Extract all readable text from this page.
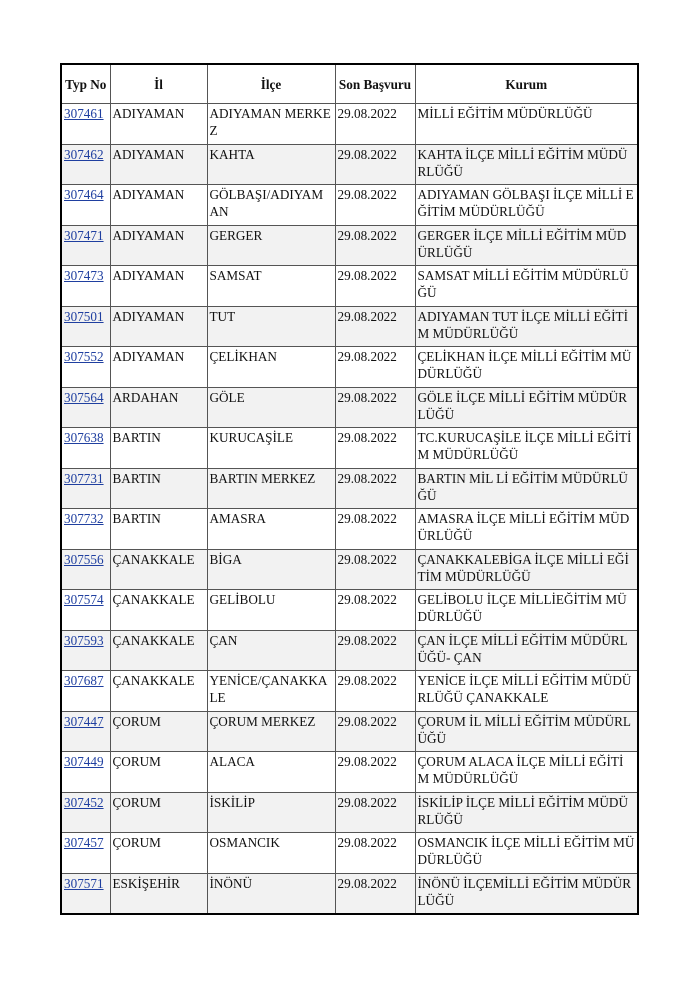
Typ No	İl	İlçe	Son Başvuru	Kurum
307461	ADIYAMAN	ADIYAMAN MERKEZ	29.08.2022	MİLLİ EĞİTİM MÜDÜRLÜĞÜ
307462	ADIYAMAN	KAHTA	29.08.2022	KAHTA İLÇE MİLLİ EĞİTİM MÜDÜRLÜĞÜ
307464	ADIYAMAN	GÖLBAŞI/ADIYAMAN	29.08.2022	ADIYAMAN GÖLBAŞI İLÇE MİLLİ EĞİTİM MÜDÜRLÜĞÜ
307471	ADIYAMAN	GERGER	29.08.2022	GERGER İLÇE MİLLİ EĞİTİM MÜDÜRLÜĞÜ
307473	ADIYAMAN	SAMSAT	29.08.2022	SAMSAT MİLLİ EĞİTİM MÜDÜRLÜĞÜ
307501	ADIYAMAN	TUT	29.08.2022	ADIYAMAN TUT İLÇE MİLLİ EĞİTİM MÜDÜRLÜĞÜ
307552	ADIYAMAN	ÇELİKHAN	29.08.2022	ÇELİKHAN İLÇE MİLLİ EĞİTİM MÜDÜRLÜĞÜ
307564	ARDAHAN	GÖLE	29.08.2022	GÖLE İLÇE MİLLİ EĞİTİM MÜDÜRLÜĞÜ
307638	BARTIN	KURUCAŞİLE	29.08.2022	TC.KURUCAŞİLE İLÇE MİLLİ EĞİTİM MÜDÜRLÜĞÜ
307731	BARTIN	BARTIN MERKEZ	29.08.2022	BARTIN MİL Lİ EĞİTİM MÜDÜRLÜĞÜ
307732	BARTIN	AMASRA	29.08.2022	AMASRA İLÇE MİLLİ EĞİTİM MÜDÜRLÜĞÜ
307556	ÇANAKKALE	BİGA	29.08.2022	ÇANAKKALEBİGA İLÇE MİLLİ EĞİTİM MÜDÜRLÜĞÜ
307574	ÇANAKKALE	GELİBOLU	29.08.2022	GELİBOLU İLÇE MİLLİEĞİTİM MÜDÜRLÜĞÜ
307593	ÇANAKKALE	ÇAN	29.08.2022	ÇAN İLÇE MİLLİ EĞİTİM MÜDÜRLÜĞÜ- ÇAN
307687	ÇANAKKALE	YENİCE/ÇANAKKALE	29.08.2022	YENİCE İLÇE MİLLİ EĞİTİM MÜDÜRLÜĞÜ ÇANAKKALE
307447	ÇORUM	ÇORUM MERKEZ	29.08.2022	ÇORUM İL MİLLİ EĞİTİM MÜDÜRLÜĞÜ
307449	ÇORUM	ALACA	29.08.2022	ÇORUM ALACA İLÇE MİLLİ EĞİTİM MÜDÜRLÜĞÜ
307452	ÇORUM	İSKİLİP	29.08.2022	İSKİLİP İLÇE MİLLİ EĞİTİM MÜDÜRLÜĞÜ
307457	ÇORUM	OSMANCIK	29.08.2022	OSMANCIK İLÇE MİLLİ EĞİTİM MÜDÜRLÜĞÜ
307571	ESKİŞEHİR	İNÖNÜ	29.08.2022	İNÖNÜ İLÇEMİLLİ EĞİTİM MÜDÜRLÜĞÜ
